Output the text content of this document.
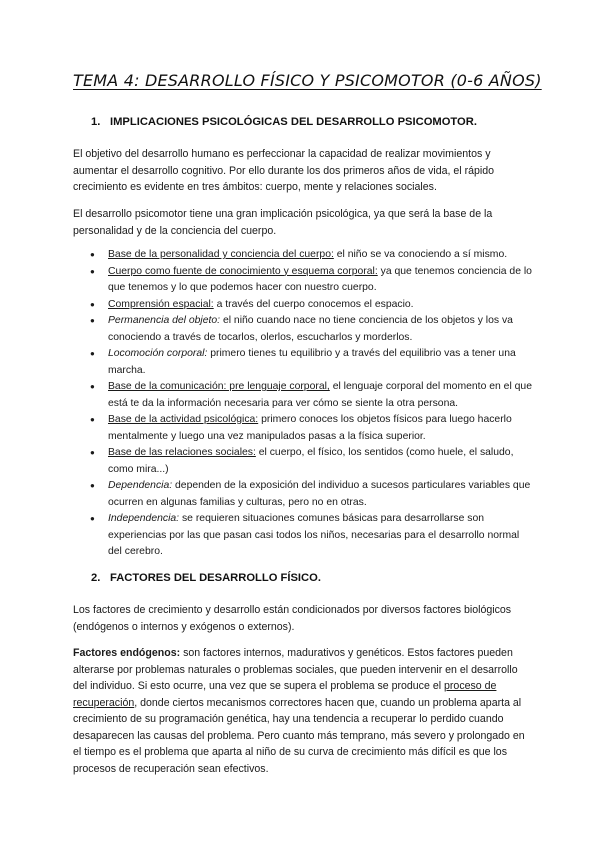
TEMA 4: DESARROLLO FÍSICO Y PSICOMOTOR (0-6 AÑOS)
1. IMPLICACIONES PSICOLÓGICAS DEL DESARROLLO PSICOMOTOR.

El objetivo del desarrollo humano es perfeccionar la capacidad de realizar movimientos y aumentar el desarrollo cognitivo. Por ello durante los dos primeros años de vida, el rápido crecimiento es evidente en tres ámbitos: cuerpo, mente y relaciones sociales.

El desarrollo psicomotor tiene una gran implicación psicológica, ya que será la base de la personalidad y de la conciencia del cuerpo.

● Base de la personalidad y conciencia del cuerpo: el niño se va conociendo a sí mismo.
● Cuerpo como fuente de conocimiento y esquema corporal: ya que tenemos conciencia de lo que tenemos y lo que podemos hacer con nuestro cuerpo.
● Comprensión espacial: a través del cuerpo conocemos el espacio.
● Permanencia del objeto: el niño cuando nace no tiene conciencia de los objetos y los va conociendo a través de tocarlos, olerlos, escucharlos y morderlos.
● Locomoción corporal: primero tienes tu equilibrio y a través del equilibrio vas a tener una marcha.
● Base de la comunicación: pre lenguaje corporal, el lenguaje corporal del momento en el que está te da la información necesaria para ver cómo se siente la otra persona.
● Base de la actividad psicológica: primero conoces los objetos físicos para luego hacerlo mentalmente y luego una vez manipulados pasas a la física superior.
● Base de las relaciones sociales: el cuerpo, el físico, los sentidos (como huele, el saludo, como mira...)
● Dependencia: dependen de la exposición del individuo a sucesos particulares variables que ocurren en algunas familias y culturas, pero no en otras.
● Independencia: se requieren situaciones comunes básicas para desarrollarse son experiencias por las que pasan casi todos los niños, necesarias para el desarrollo normal del cerebro.
2. FACTORES DEL DESARROLLO FÍSICO.

Los factores de crecimiento y desarrollo están condicionados por diversos factores biológicos (endógenos o internos y exógenos o externos).

Factores endógenos: son factores internos, madurativos y genéticos. Estos factores pueden alterarse por problemas naturales o problemas sociales, que pueden intervenir en el desarrollo del individuo. Si esto ocurre, una vez que se supera el problema se produce el proceso de recuperación, donde ciertos mecanismos correctores hacen que, cuando un problema aparta al crecimiento de su programación genética, hay una tendencia a recuperar lo perdido cuando desaparecen las causas del problema. Pero cuanto más temprano, más severo y prolongado en el tiempo es el problema que aparta al niño de su curva de crecimiento más difícil es que los procesos de recuperación sean efectivos.
